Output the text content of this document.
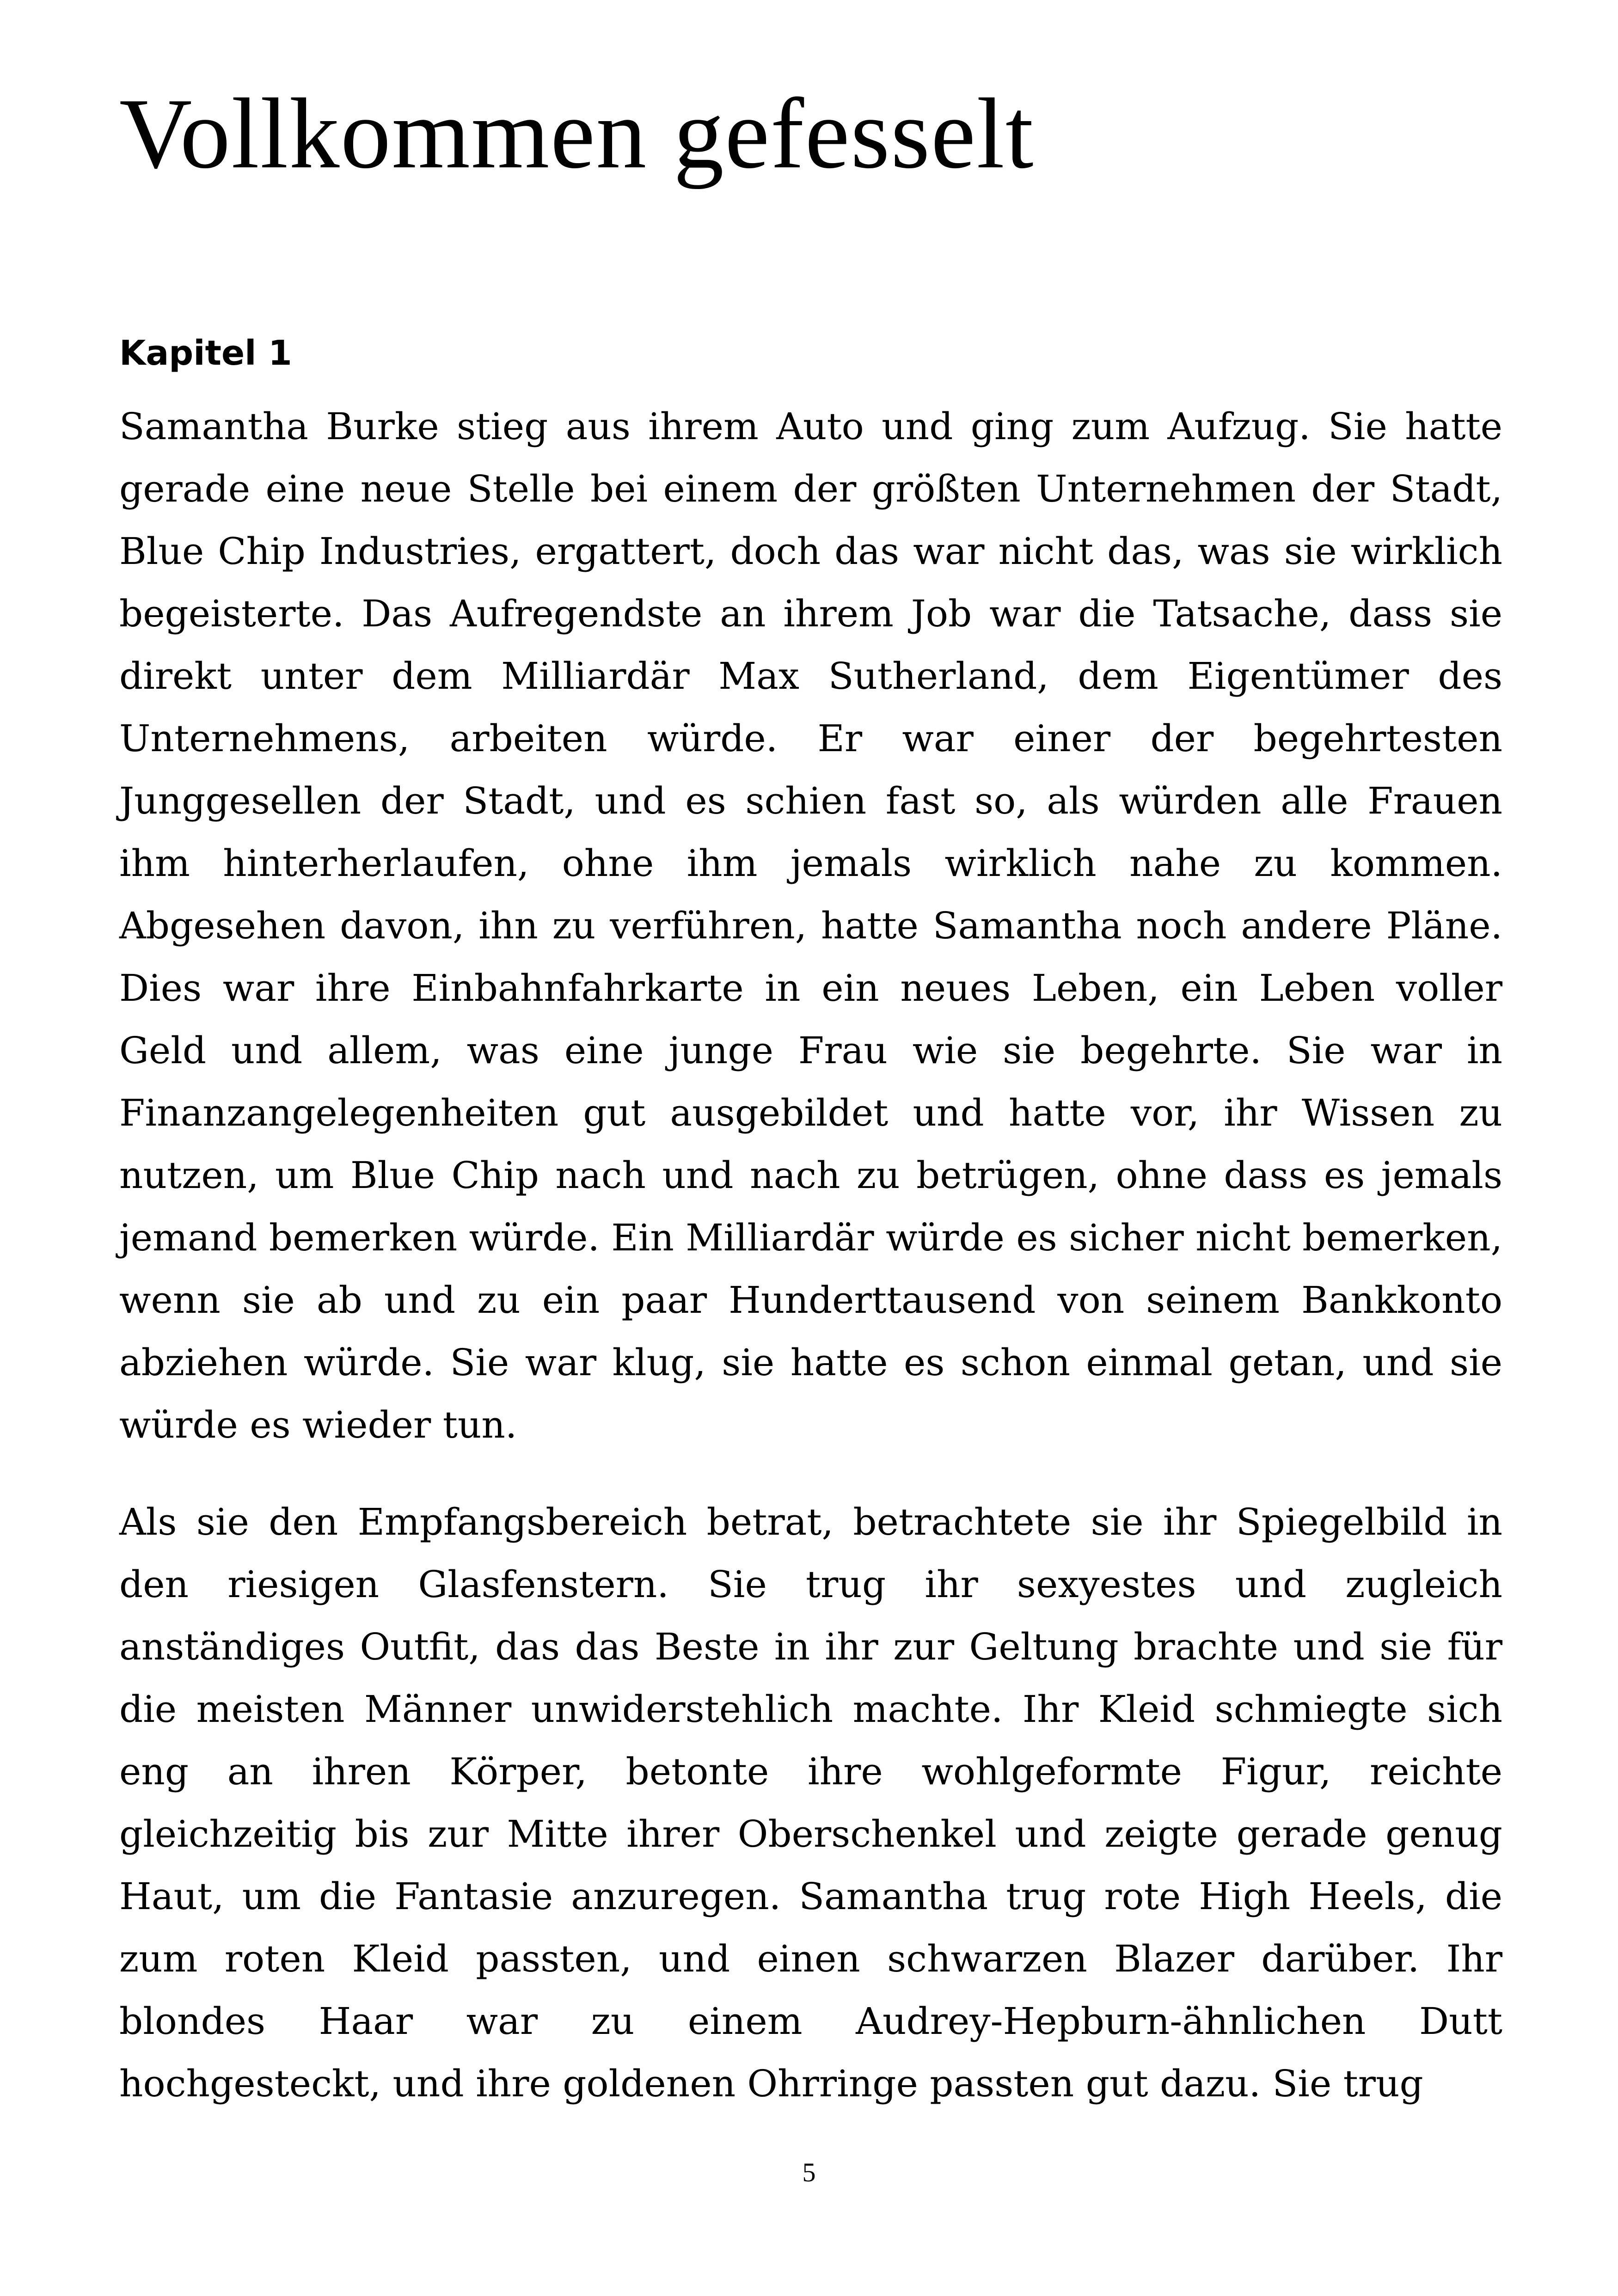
Vollkommen gefesselt
Kapitel 1

Samantha Burke stieg aus ihrem Auto und ging zum Aufzug. Sie hatte gerade eine neue Stelle bei einem der größten Unternehmen der Stadt, Blue Chip Industries, ergattert, doch das war nicht das, was sie wirklich begeisterte. Das Aufregendste an ihrem Job war die Tatsache, dass sie direkt unter dem Milliardär Max Sutherland, dem Eigentümer des Unternehmens, arbeiten würde. Er war einer der begehrtesten Junggesellen der Stadt, und es schien fast so, als würden alle Frauen ihm hinterherlaufen, ohne ihm jemals wirklich nahe zu kommen. Abgesehen davon, ihn zu verführen, hatte Samantha noch andere Pläne. Dies war ihre Einbahnfahrkarte in ein neues Leben, ein Leben voller Geld und allem, was eine junge Frau wie sie begehrte. Sie war in Finanzangelegenheiten gut ausgebildet und hatte vor, ihr Wissen zu nutzen, um Blue Chip nach und nach zu betrügen, ohne dass es jemals jemand bemerken würde. Ein Milliardär würde es sicher nicht bemerken, wenn sie ab und zu ein paar Hunderttausend von seinem Bankkonto abziehen würde. Sie war klug, sie hatte es schon einmal getan, und sie würde es wieder tun.

Als sie den Empfangsbereich betrat, betrachtete sie ihr Spiegelbild in den riesigen Glasfenstern. Sie trug ihr sexyestes und zugleich anständiges Outfit, das das Beste in ihr zur Geltung brachte und sie für die meisten Männer unwiderstehlich machte. Ihr Kleid schmiegte sich eng an ihren Körper, betonte ihre wohlgeformte Figur, reichte gleichzeitig bis zur Mitte ihrer Oberschenkel und zeigte gerade genug Haut, um die Fantasie anzuregen. Samantha trug rote High Heels, die zum roten Kleid passten, und einen schwarzen Blazer darüber. Ihr blondes Haar war zu einem Audrey-Hepburn-ähnlichen Dutt hochgesteckt, und ihre goldenen Ohrringe passten gut dazu. Sie trug

5
